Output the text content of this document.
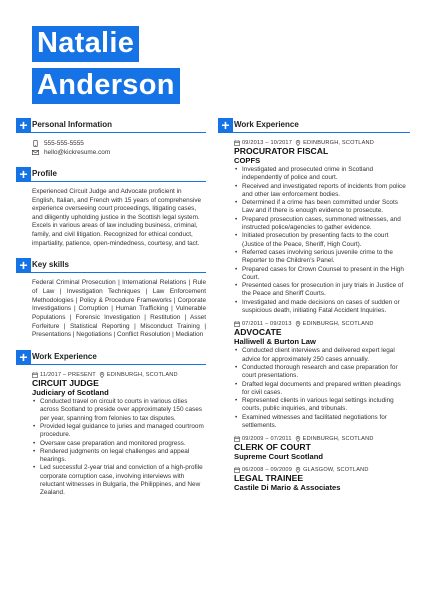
Natalie
Anderson
+ Personal Information
555-555-5555
hello@kickresume.com
+ Profile
Experienced Circuit Judge and Advocate proficient in English, Italian, and French with 15 years of comprehensive experience overseeing court proceedings, litigating cases, and diligently upholding justice in the Scottish legal system. Excels in various areas of law including business, criminal, family, and civil litigation. Recognized for ethical conduct, impartiality, patience, open-mindedness, courtesy, and tact.
+ Key skills
Federal Criminal Prosecution | International Relations | Rule of Law | Investigation Techniques | Law Enforcement Methodologies | Policy & Procedure Frameworks | Corporate Investigations | Corruption | Human Trafficking | Vulnerable Populations | Forensic Investigation | Restitution | Asset Forfeiture | Statistical Reporting | Misconduct Training | Presentations | Negotiations | Conflict Resolution | Mediation
+ Work Experience
11/2017 – PRESENT EDINBURGH, SCOTLAND
CIRCUIT JUDGE
Judiciary of Scotland
• Conducted travel on circuit to courts in various cities across Scotland to preside over approximately 150 cases per year, spanning from felonies to tax disputes.
• Provided legal guidance to juries and managed courtroom procedure.
• Oversaw case preparation and monitored progress.
• Rendered judgments on legal challenges and appeal hearings.
• Led successful 2-year trial and conviction of a high-profile corporate corruption case, involving interviews with reluctant witnesses in Bulgaria, the Philippines, and New Zealand.
+ Work Experience
09/2013 – 10/2017 EDINBURGH, SCOTLAND
PROCURATOR FISCAL
COPFS
• Investigated and prosecuted crime in Scotland independently of police and court.
• Received and investigated reports of incidents from police and other law enforcement bodies.
• Determined if a crime has been committed under Scots Law and if there is enough evidence to prosecute.
• Prepared prosecution cases, summoned witnesses, and instructed police/agencies to gather evidence.
• Initiated prosecution by presenting facts to the court (Justice of the Peace, Sheriff, High Court).
• Referred cases involving serious juvenile crime to the Reporter to the Children's Panel.
• Prepared cases for Crown Counsel to present in the High Court.
• Presented cases for prosecution in jury trials in Justice of the Peace and Sheriff Courts.
• Investigated and made decisions on cases of sudden or suspicious death, initiating Fatal Accident Inquiries.
07/2011 – 09/2013 EDINBURGH, SCOTLAND
ADVOCATE
Halliwell & Burton Law
• Conducted client interviews and delivered expert legal advice for approximately 250 cases annually.
• Conducted thorough research and case preparation for court presentations.
• Drafted legal documents and prepared written pleadings for civil cases.
• Represented clients in various legal settings including courts, public inquiries, and tribunals.
• Examined witnesses and facilitated negotiations for settlements.
09/2009 – 07/2011 EDINBURGH, SCOTLAND
CLERK OF COURT
Supreme Court Scotland
06/2008 – 09/2009 GLASGOW, SCOTLAND
LEGAL TRAINEE
Castile Di Mario & Associates
